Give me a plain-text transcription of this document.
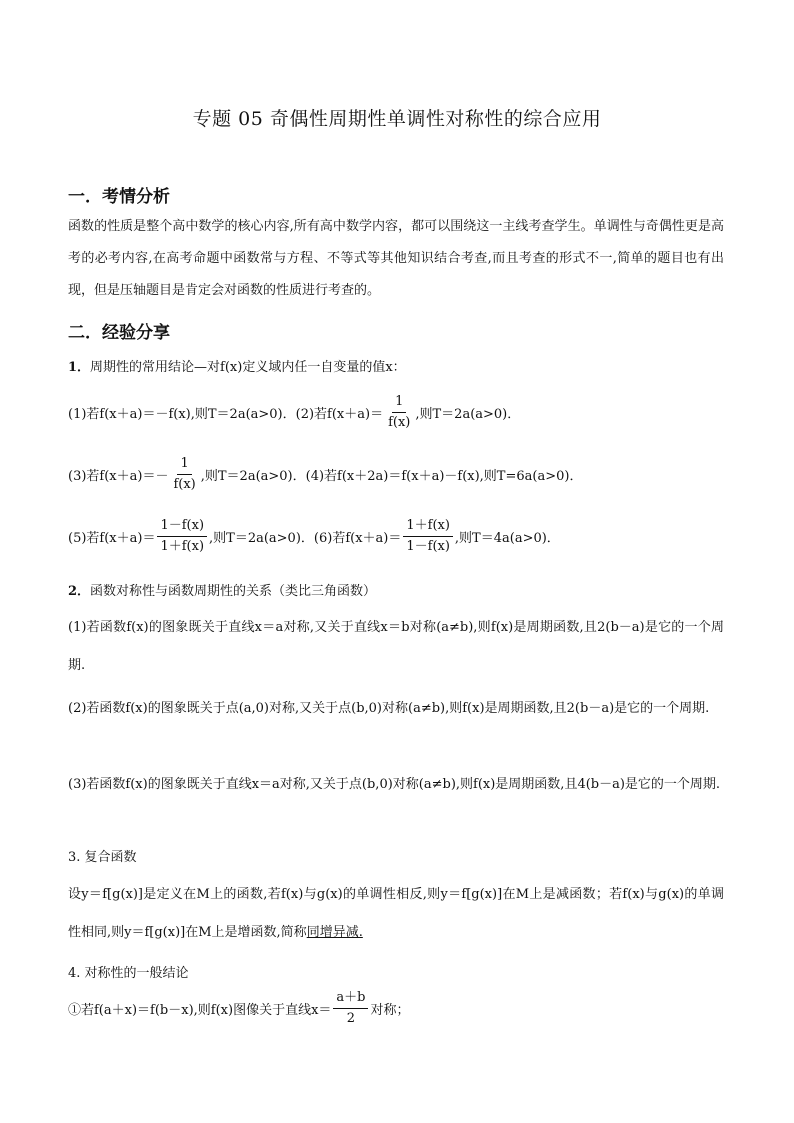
专题 05 奇偶性周期性单调性对称性的综合应用
一．考情分析
函数的性质是整个高中数学的核心内容,所有高中数学内容，都可以围绕这一主线考查学生。单调性与奇偶性更是高考的必考内容,在高考命题中函数常与方程、不等式等其他知识结合考查,而且考查的形式不一,简单的题目也有出现，但是压轴题目是肯定会对函数的性质进行考查的。
二．经验分享
1． 周期性的常用结论—对f(x)定义域内任一自变量的值x：
(1)若f(x＋a)＝－f(x),则T＝2a(a>0)．(2)若$f(x+a)= \frac{1}{f(x)}$ ,则T＝2a(a>0)．
(3)若$f(x+a)=- \frac{1}{f(x)}$ ,则T＝2a(a>0)．(4)若f(x＋2a)＝f(x＋a)－f(x),则T=6a(a>0)．
(5)若$f(x+a)= \frac{1-f(x)}{1+f(x)}$ ,则T＝2a(a>0)．(6)若$f(x+a)= \frac{1+f(x)}{1-f(x)}$ ,则T＝4a(a>0)．
2． 函数对称性与函数周期性的关系（类比三角函数）
(1)若函数f(x)的图象既关于直线x＝a对称,又关于直线x＝b对称(a≠b),则f(x)是周期函数,且2(b－a)是它的一个周期.
(2)若函数f(x)的图象既关于点(a,0)对称,又关于点(b,0)对称(a≠b),则f(x)是周期函数,且2(b－a)是它的一个周期.
(3)若函数f(x)的图象既关于直线x＝a对称,又关于点(b,0)对称(a≠b),则f(x)是周期函数,且4(b－a)是它的一个周期.
3. 复合函数
设y＝f[g(x)]是定义在M上的函数,若f(x)与g(x)的单调性相反,则y＝f[g(x)]在M上是减函数；若f(x)与g(x)的单调性相同,则y＝f[g(x)]在M上是增函数,简称同增异减.
4. 对称性的一般结论
①若f(a＋x)＝f(b－x),则f(x)图像关于直线$x= \frac{a+b}{2}$ 对称；
